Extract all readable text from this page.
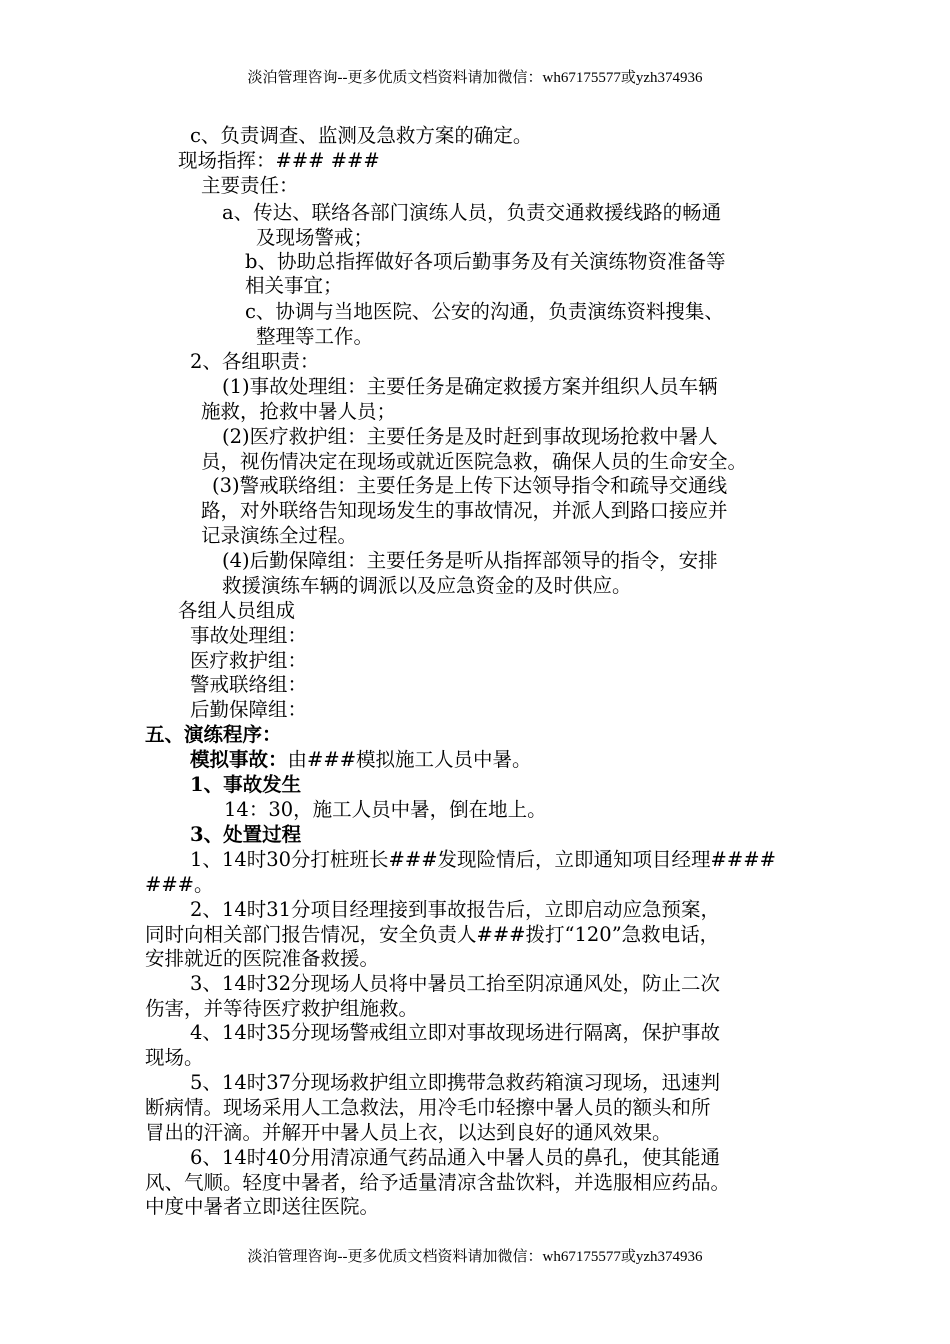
淡泊管理咨询--更多优质文档资料请加微信：wh67175577或yzh374936
c、负责调查、监测及急救方案的确定。
现场指挥：### ###
主要责任：
a、传达、联络各部门演练人员，负责交通救援线路的畅通
及现场警戒；
b、协助总指挥做好各项后勤事务及有关演练物资准备等
相关事宜；
c、协调与当地医院、公安的沟通，负责演练资料搜集、
整理等工作。
2、各组职责：
(1)事故处理组：主要任务是确定救援方案并组织人员车辆
施救，抢救中暑人员；
(2)医疗救护组：主要任务是及时赶到事故现场抢救中暑人
员，视伤情决定在现场或就近医院急救，确保人员的生命安全。
(3)警戒联络组：主要任务是上传下达领导指令和疏导交通线
路，对外联络告知现场发生的事故情况，并派人到路口接应并
记录演练全过程。
(4)后勤保障组：主要任务是听从指挥部领导的指令，安排
救援演练车辆的调派以及应急资金的及时供应。
各组人员组成
事故处理组：
医疗救护组：
警戒联络组：
后勤保障组：
五、演练程序：
模拟事故：由###模拟施工人员中暑。
1、事故发生
14：30，施工人员中暑，倒在地上。
3、处置过程
1、14时30分打桩班长###发现险情后，立即通知项目经理####
###。
2、14时31分项目经理接到事故报告后，立即启动应急预案，
同时向相关部门报告情况，安全负责人###拨打“120”急救电话，
安排就近的医院准备救援。
3、14时32分现场人员将中暑员工抬至阴凉通风处，防止二次
伤害，并等待医疗救护组施救。
4、14时35分现场警戒组立即对事故现场进行隔离，保护事故
现场。
5、14时37分现场救护组立即携带急救药箱演习现场，迅速判
断病情。现场采用人工急救法，用冷毛巾轻擦中暑人员的额头和所
冒出的汗滴。并解开中暑人员上衣，以达到良好的通风效果。
6、14时40分用清凉通气药品通入中暑人员的鼻孔，使其能通
风、气顺。轻度中暑者，给予适量清凉含盐饮料，并选服相应药品。
中度中暑者立即送往医院。
淡泊管理咨询--更多优质文档资料请加微信：wh67175577或yzh374936
